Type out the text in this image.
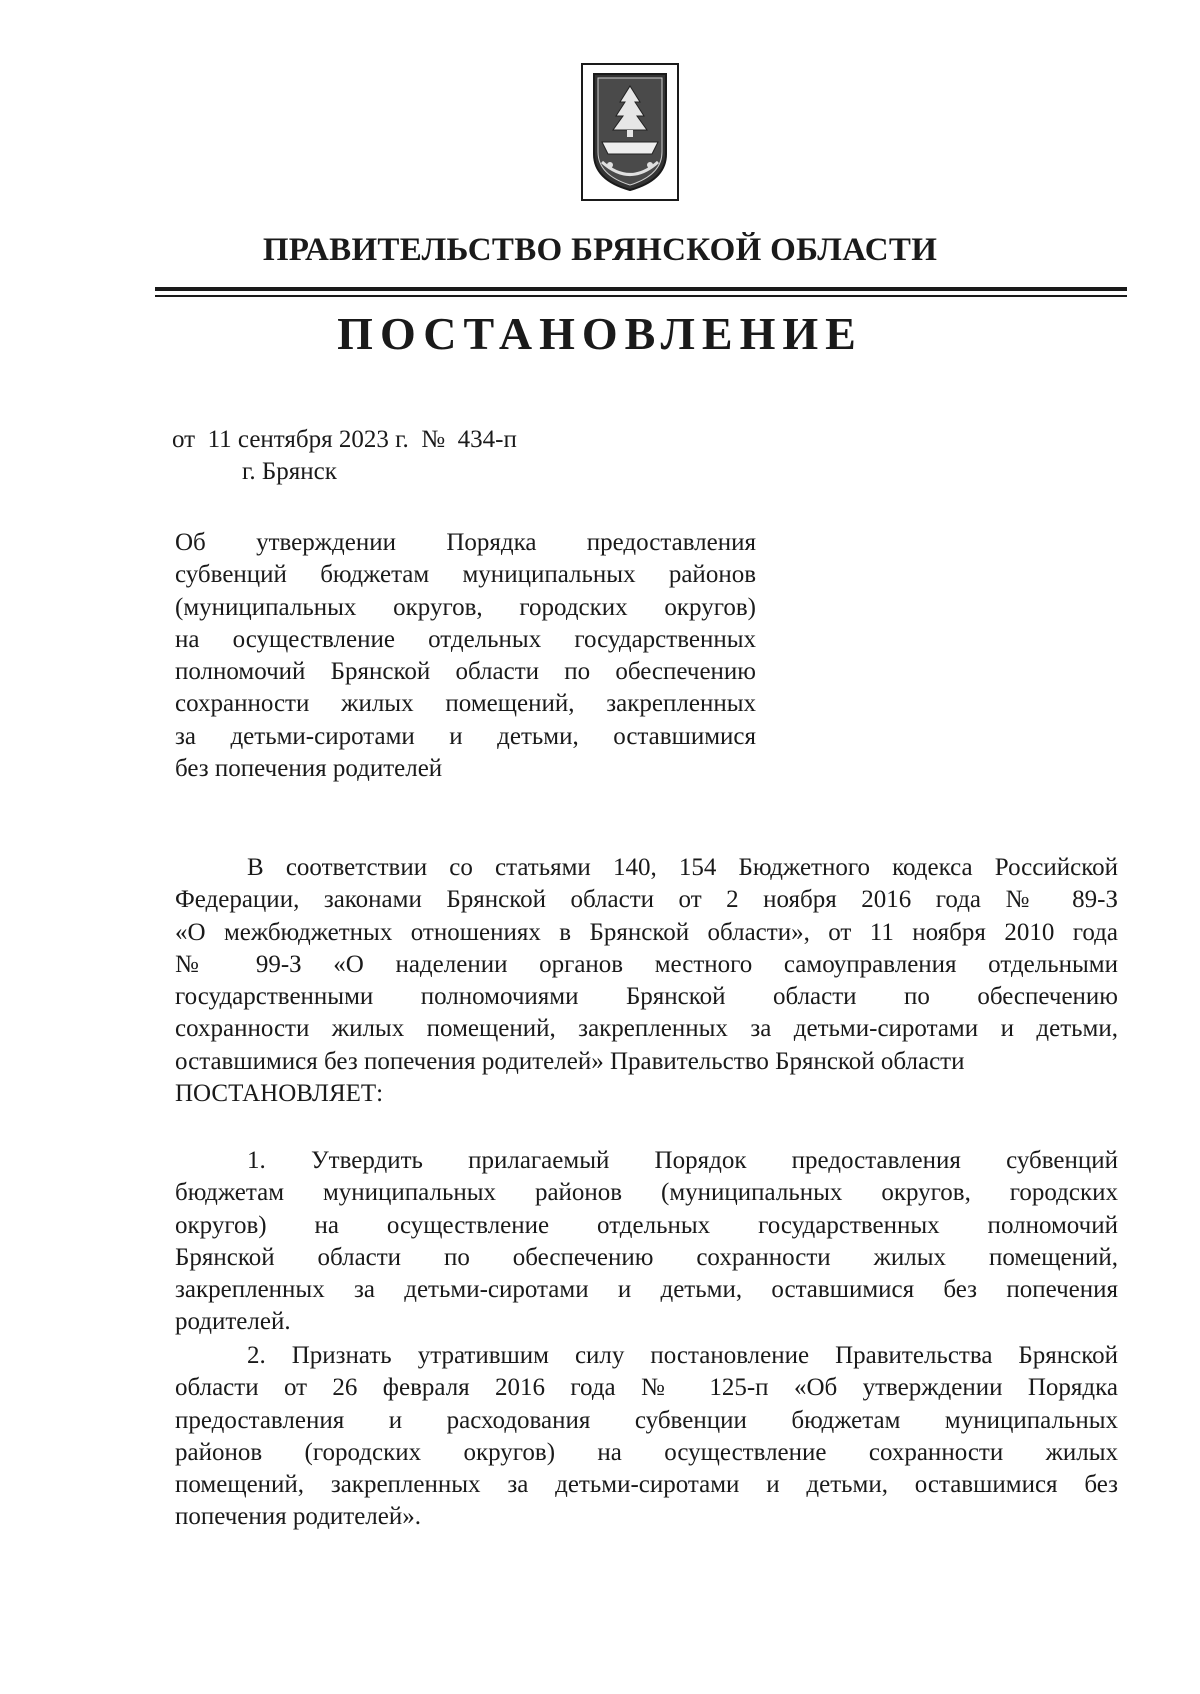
ПРАВИТЕЛЬСТВО БРЯНСКОЙ ОБЛАСТИ
ПОСТАНОВЛЕНИЕ
от  11 сентября 2023 г.  №  434-п
г. Брянск
Об утверждении Порядка предоставления
субвенций бюджетам муниципальных районов
(муниципальных округов, городских округов)
на осуществление отдельных государственных
полномочий Брянской области по обеспечению
сохранности жилых помещений, закрепленных
за детьми-сиротами и детьми, оставшимися
без попечения родителей
В соответствии со статьями 140, 154 Бюджетного кодекса Российской
Федерации, законами Брянской области от 2 ноября 2016 года № 89-З
«О межбюджетных отношениях в Брянской области», от 11 ноября 2010 года
№ 99-З «О наделении органов местного самоуправления отдельными
государственными полномочиями Брянской области по обеспечению
сохранности жилых помещений, закрепленных за детьми-сиротами и детьми,
оставшимися без попечения родителей» Правительство Брянской области
ПОСТАНОВЛЯЕТ:
1. Утвердить прилагаемый Порядок предоставления субвенций
бюджетам муниципальных районов (муниципальных округов, городских
округов) на осуществление отдельных государственных полномочий
Брянской области по обеспечению сохранности жилых помещений,
закрепленных за детьми-сиротами и детьми, оставшимися без попечения
родителей.
2. Признать утратившим силу постановление Правительства Брянской
области от 26 февраля 2016 года № 125-п «Об утверждении Порядка
предоставления и расходования субвенции бюджетам муниципальных
районов (городских округов) на осуществление сохранности жилых
помещений, закрепленных за детьми-сиротами и детьми, оставшимися без
попечения родителей».
